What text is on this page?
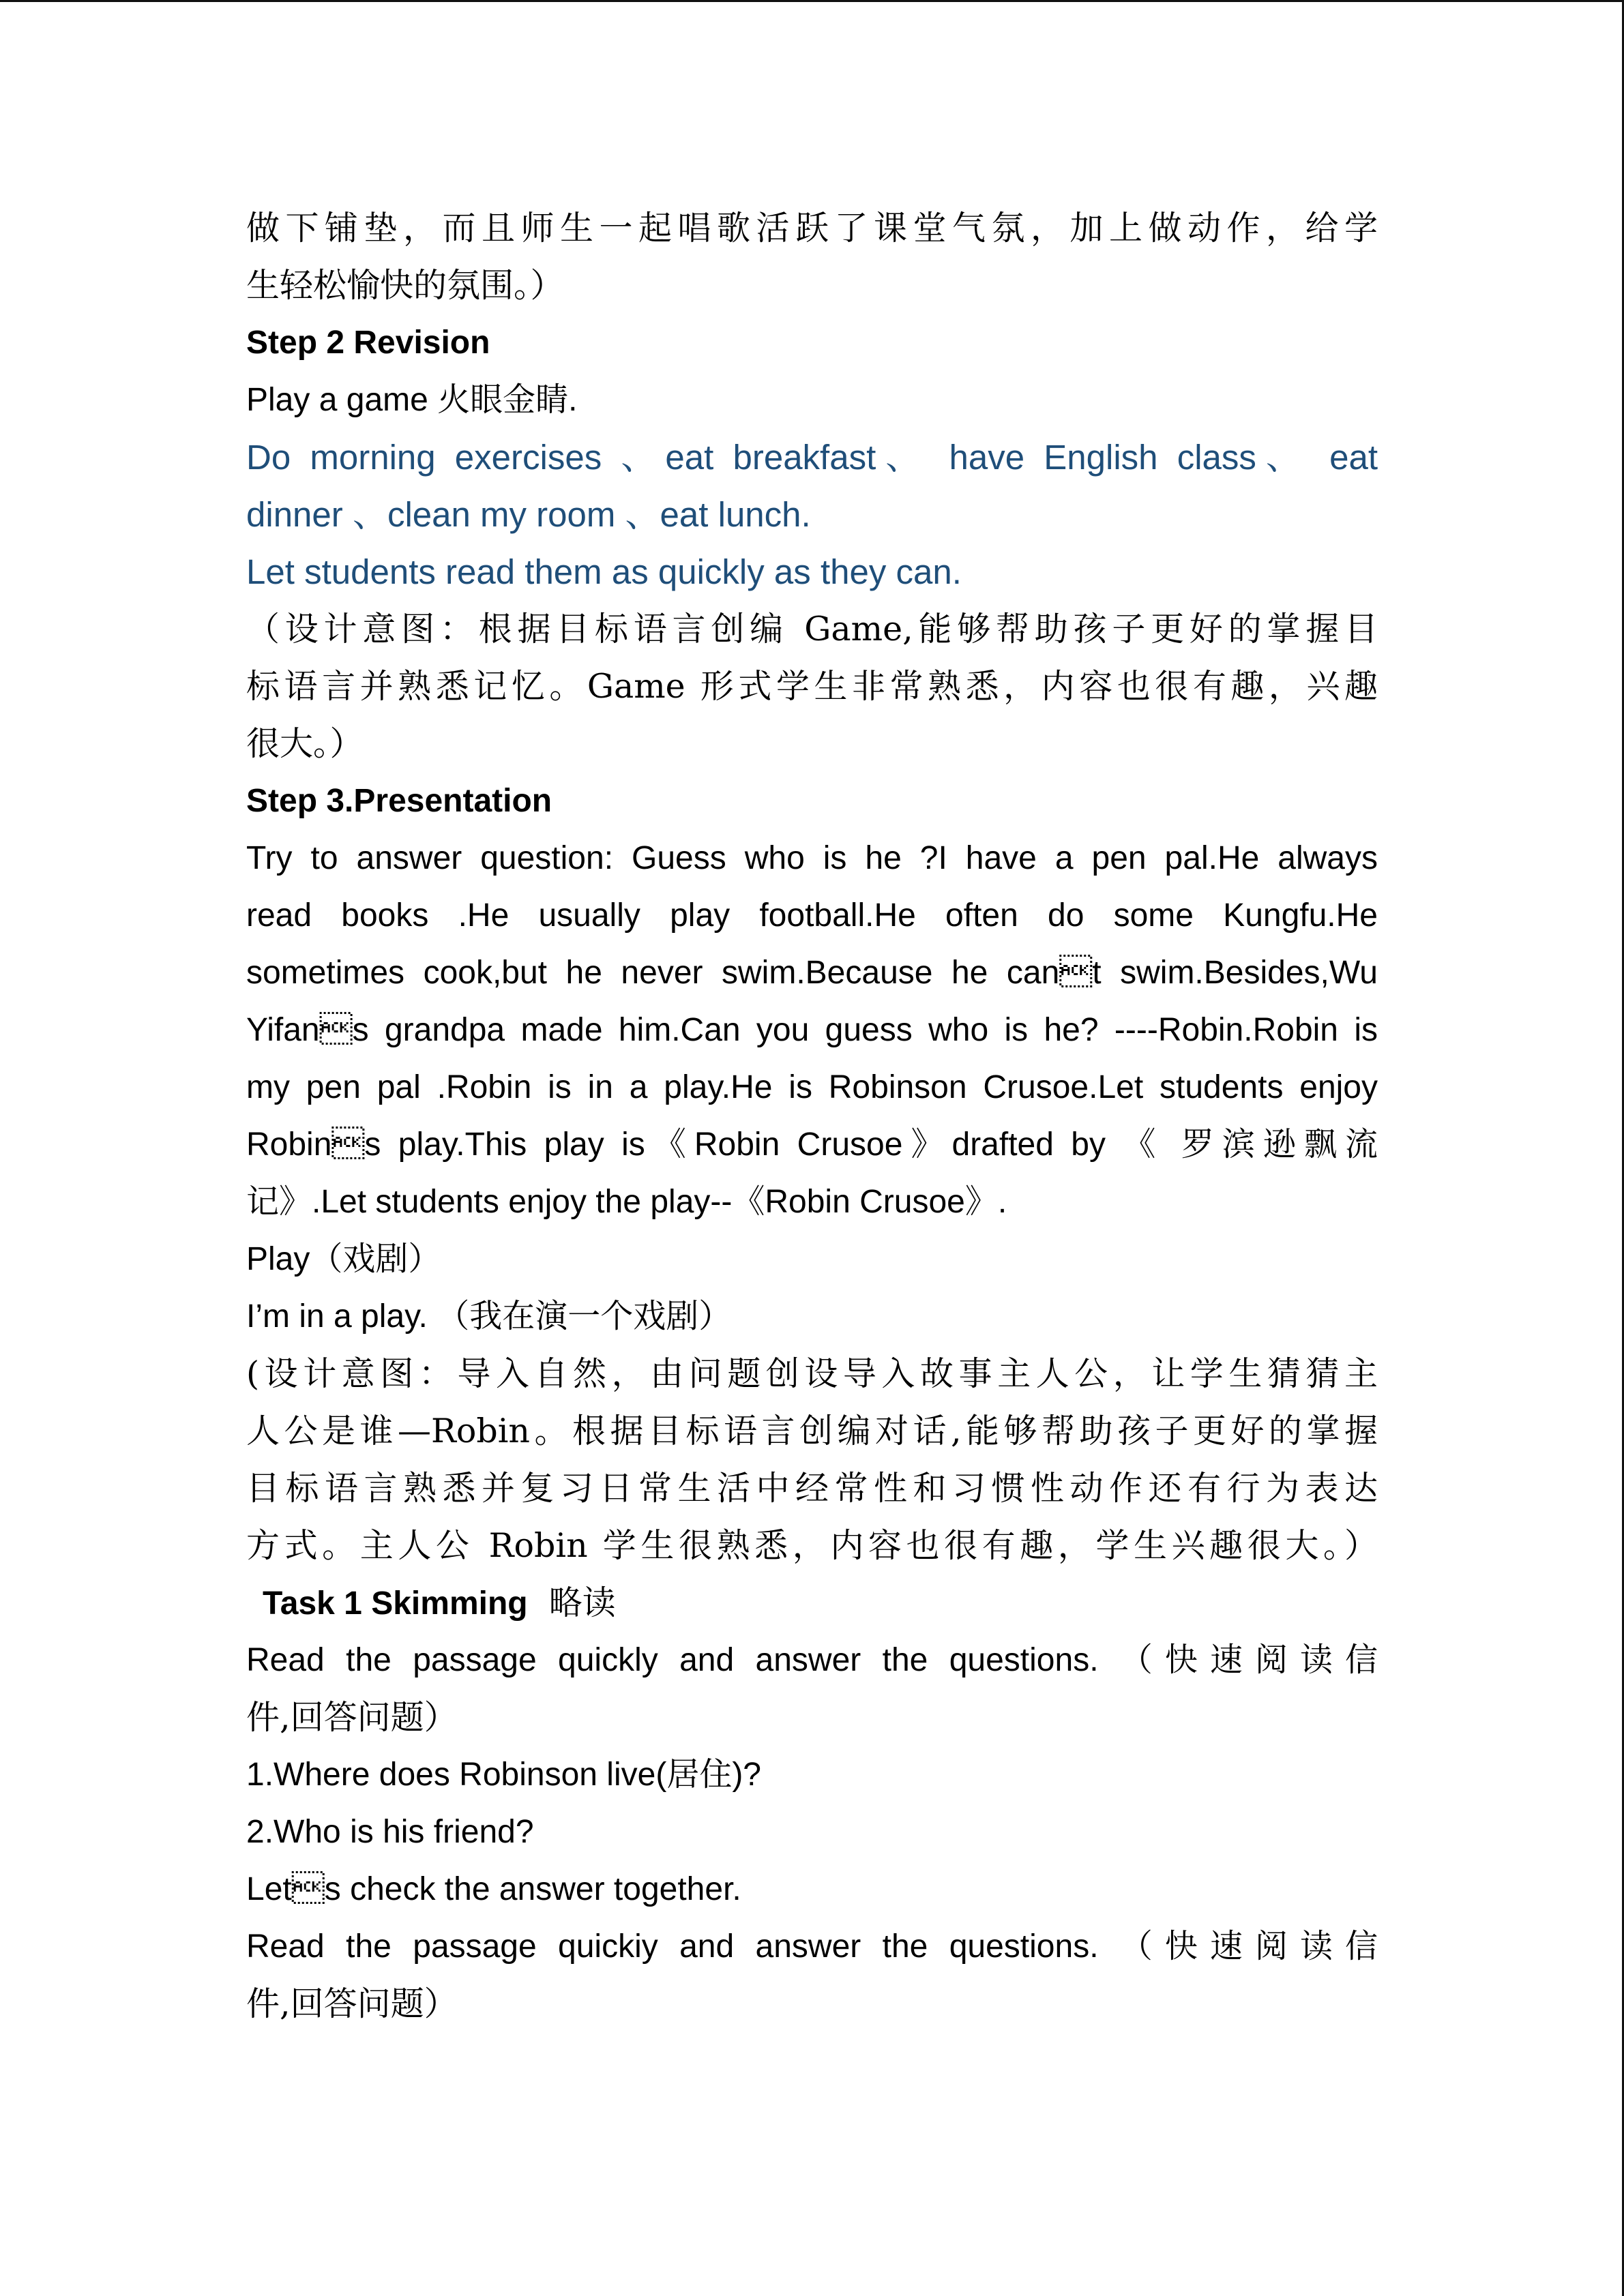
做下铺垫，而且师生一起唱歌活跃了课堂气氛，加上做动作，给学
生轻松愉快的氛围。）
Step 2 Revision
Play a game 火眼金睛.
Do morning exercises 、eat breakfast、 have English class、 eat
dinner 、clean my room 、eat lunch.
Let students read them as quickly as they can.
（设计意图：根据目标语言创编 Game,能够帮助孩子更好的掌握目
标语言并熟悉记忆。Game 形式学生非常熟悉，内容也很有趣，兴趣
很大。）
Step 3.Presentation
Try to answer question: Guess who is he ?I have a pen pal.He always
read books .He usually play football.He often do some Kungfu.He
sometimes cook,but he never swim.Because he cant swim.Besides,Wu
Yifans grandpa made him.Can you guess who is he? ----Robin.Robin is
my pen pal .Robin is in a play.He is Robinson Crusoe.Let students enjoy
Robins play.This play is《Robin Crusoe》drafted by 《 罗滨逊飘流
记》.Let students enjoy the play--《Robin Crusoe》.
Play（戏剧）
I’m in a play. （我在演一个戏剧）
(设计意图：导入自然，由问题创设导入故事主人公，让学生猜猜主
人公是谁—Robin。根据目标语言创编对话,能够帮助孩子更好的掌握
目标语言熟悉并复习日常生活中经常性和习惯性动作还有行为表达
方式。主人公 Robin 学生很熟悉，内容也很有趣，学生兴趣很大。）
Task 1 Skimming 略读
Read the passage quickly and answer the questions. （快速阅读信
件,回答问题）
1.Where does Robinson live(居住)?
2.Who is his friend?
Lets check the answer together.
Read the passage quickiy and answer the questions. （快速阅读信
件,回答问题）
